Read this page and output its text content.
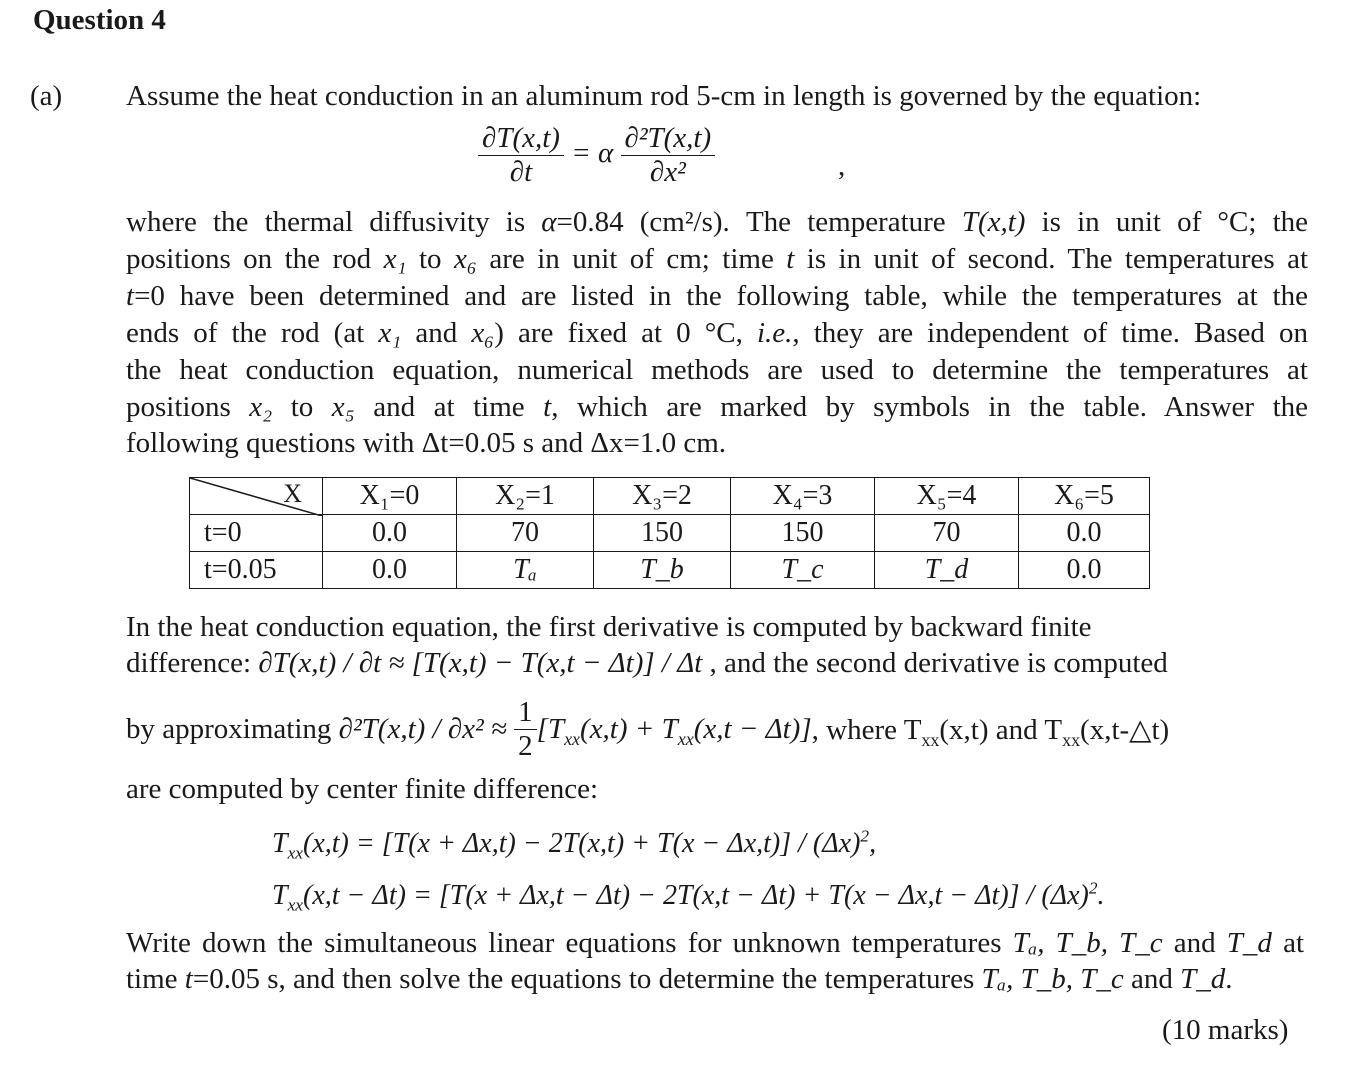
Question 4
(a) Assume the heat conduction in an aluminum rod 5-cm in length is governed by the equation:
$\frac{\partial T(x,t)}{\partial t} = \alpha \frac{\text{∂²T(x,t)}}{\text{∂x²}}$	,
where the thermal diffusivity is α=0.84 (cm²/s). The temperature T(x,t) is in unit of °C; the
positions on the rod x₁ to x₆ are in unit of cm; time t is in unit of second. The temperatures at
t=0 have been determined and are listed in the following table, while the temperatures at the
ends of the rod (at x₁ and x₆) are fixed at 0 °C, i.e., they are independent of time. Based on
the heat conduction equation, numerical methods are used to determine the temperatures at
positions x₂ to x₅ and at time t, which are marked by symbols in the table. Answer the
following questions with Δt=0.05 s and Δx=1.0 cm.
X	X₁=0	X₂=1	X₃=2	X₄=3	X₅=4	X₆=5
t=0	0.0	70	150	150	70	0.0
t=0.05	0.0	Tₐ	T_b	T_c	T_d	0.0
In the heat conduction equation, the first derivative is computed by backward finite
difference: ∂T(x,t) / ∂t ≈ [T(x,t) − T(x,t − Δt)] / Δt , and the second derivative is computed
by approximating $\partial^2T(x,t) / \partial x^2 \approx \frac{1}{2} [T_{xx}(x,t) + T_{xx}(x,t - \Delta t)]$, where $T_{xx}(x,t)$ and $T_{xx}(x,t-\triangle t)$
are computed by center finite difference:
$T_{xx}(x,t) = [T(x + \Delta x,t) - 2T(x,t) + T(x - \Delta x,t)] / (\Delta x)^2$,
$T_{xx}(x,t - \Delta t) = [T(x + \Delta x,t - \Delta t) - 2T(x,t - \Delta t) + T(x - \Delta x,t - \Delta t)] / (\Delta x)^2$.
Write down the simultaneous linear equations for unknown temperatures Tₐ, T_b, T_c and T_d at
time t=0.05 s, and then solve the equations to determine the temperatures Tₐ, T_b, T_c and T_d.
(10 marks)
